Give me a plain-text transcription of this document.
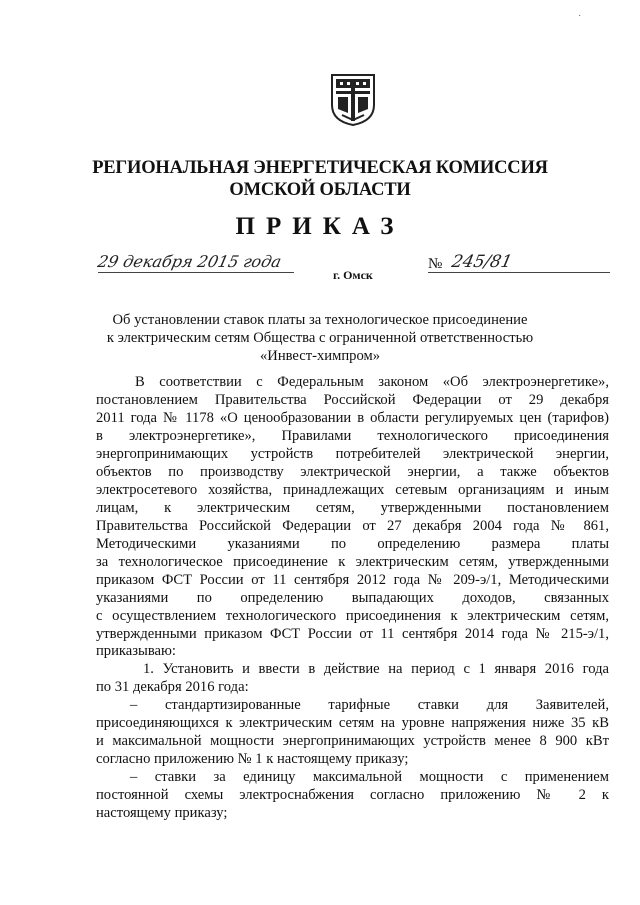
˙
РЕГИОНАЛЬНАЯ ЭНЕРГЕТИЧЕСКАЯ КОМИССИЯ
ОМСКОЙ ОБЛАСТИ
ПРИКАЗ
29 декабря 2015 года
г. Омск
№ 245/81
Об установлении ставок платы за технологическое присоединение
к электрическим сетям Общества с ограниченной ответственностью
«Инвест-химпром»
В соответствии с Федеральным законом «Об электроэнергетике»,
постановлением Правительства Российской Федерации от 29 декабря
2011 года № 1178 «О ценообразовании в области регулируемых цен (тарифов)
в электроэнергетике», Правилами технологического присоединения
энергопринимающих устройств потребителей электрической энергии,
объектов по производству электрической энергии, а также объектов
электросетевого хозяйства, принадлежащих сетевым организациям и иным
лицам, к электрическим сетям, утвержденными постановлением
Правительства Российской Федерации от 27 декабря 2004 года № 861,
Методическими указаниями по определению размера платы
за технологическое присоединение к электрическим сетям, утвержденными
приказом ФСТ России от 11 сентября 2012 года № 209-э/1, Методическими
указаниями по определению выпадающих доходов, связанных
с осуществлением технологического присоединения к электрическим сетям,
утвержденными приказом ФСТ России от 11 сентября 2014 года № 215-э/1,
приказываю:
1. Установить и ввести в действие на период с 1 января 2016 года
по 31 декабря 2016 года:
– стандартизированные тарифные ставки для Заявителей,
присоединяющихся к электрическим сетям на уровне напряжения ниже 35 кВ
и максимальной мощности энергопринимающих устройств менее 8 900 кВт
согласно приложению № 1 к настоящему приказу;
– ставки за единицу максимальной мощности с применением
постоянной схемы электроснабжения согласно приложению № 2 к
настоящему приказу;
